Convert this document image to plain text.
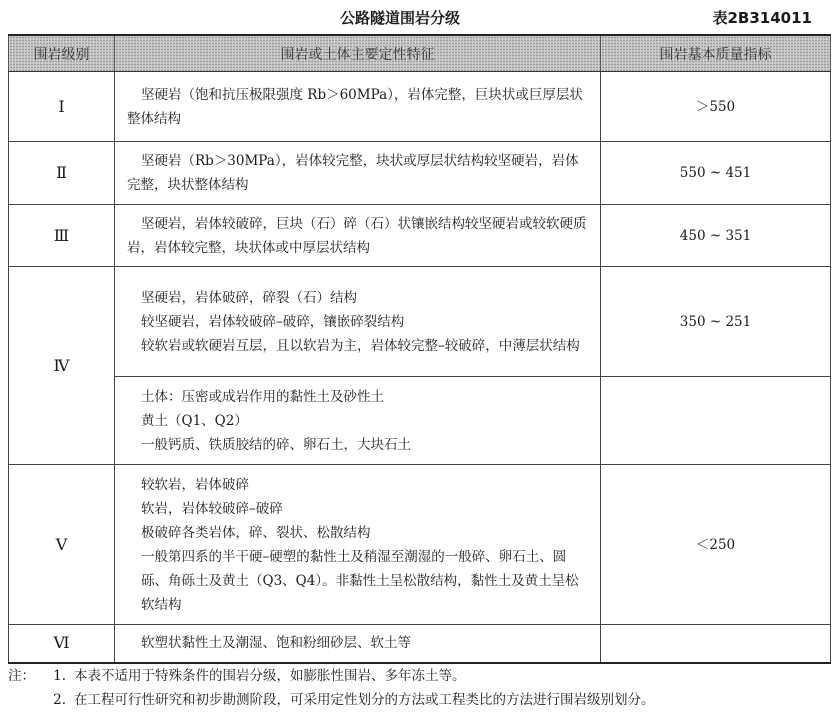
公路隧道围岩分级	表2B314011
围岩级别	围岩或土体主要定性特征	围岩基本质量指标
Ⅰ	坚硬岩（饱和抗压极限强度 Rb＞60MPa），岩体完整，巨块状或巨厚层状整体结构	＞550
Ⅱ	坚硬岩（Rb＞30MPa），岩体较完整，块状或厚层状结构较坚硬岩，岩体完整，块状整体结构	550 ~ 451
Ⅲ	坚硬岩，岩体较破碎，巨块（石）碎（石）状镶嵌结构较坚硬岩或较软硬质岩，岩体较完整，块状体或中厚层状结构	450 ~ 351
Ⅳ	坚硬岩，岩体破碎，碎裂（石）结构
较坚硬岩，岩体较破碎–破碎，镶嵌碎裂结构
较软岩或软硬岩互层，且以软岩为主，岩体较完整–较破碎，中薄层状结构	350 ~ 251

	土体：压密或成岩作用的黏性土及砂性土
黄土（Q1、Q2）
一般钙质、铁质胶结的碎、卵石土，大块石土	

Ⅴ	较软岩，岩体破碎
软岩，岩体较破碎–破碎
极破碎各类岩体，碎、裂状、松散结构
一般第四系的半干硬–硬塑的黏性土及稍湿至潮湿的一般碎、卵石土、圆砾、角砾土及黄土（Q3、Q4）。非黏性土呈松散结构，黏性土及黄土呈松软结构	＜250
Ⅵ	软塑状黏性土及潮湿、饱和粉细砂层、软土等	
注：	1. 本表不适用于特殊条件的围岩分级，如膨胀性围岩、多年冻土等。
2. 在工程可行性研究和初步勘测阶段，可采用定性划分的方法或工程类比的方法进行围岩级别划分。
